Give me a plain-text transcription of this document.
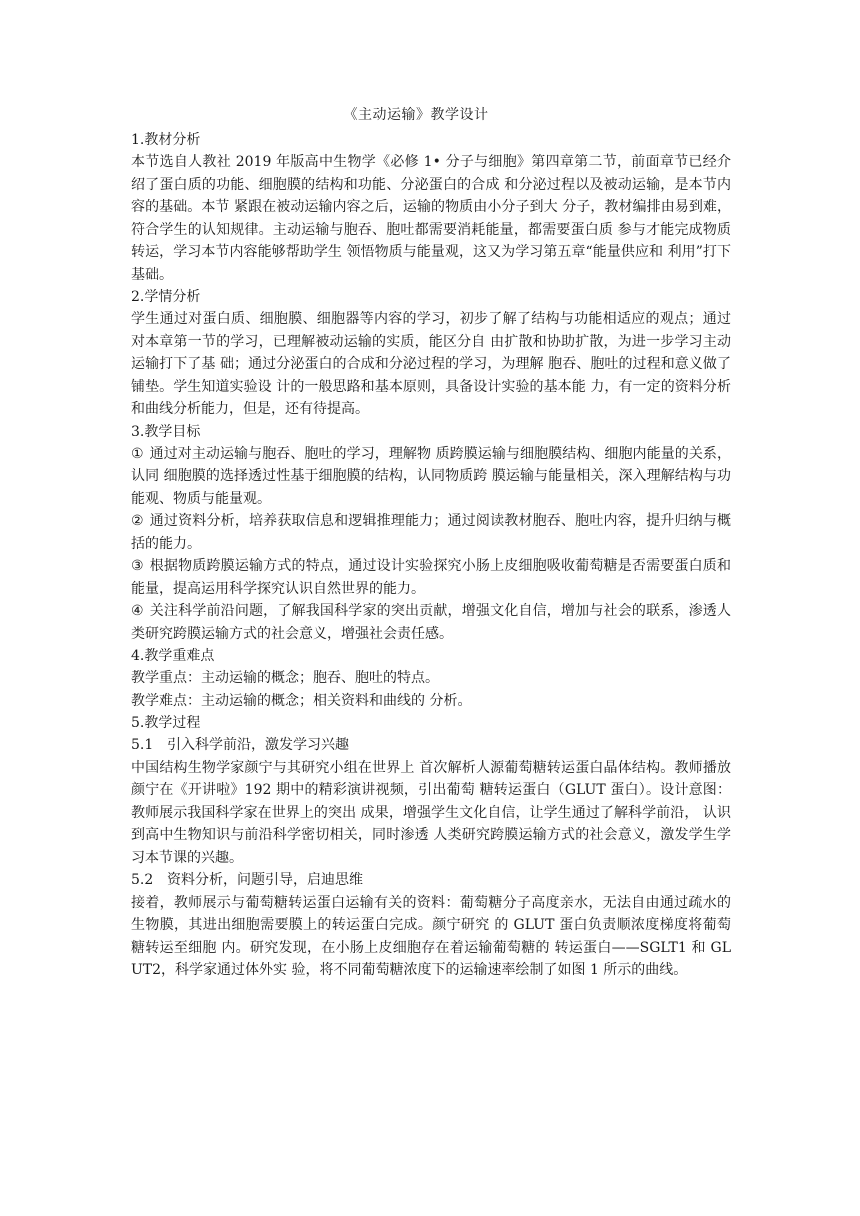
《主动运输》教学设计

1.教材分析

本节选自人教社 2019 年版高中生物学《必修 1• 分子与细胞》第四章第二节，前面章节已经介绍了蛋白质的功能、细胞膜的结构和功能、分泌蛋白的合成 和分泌过程以及被动运输，是本节内容的基础。本节 紧跟在被动运输内容之后，运输的物质由小分子到大 分子，教材编排由易到难，符合学生的认知规律。主动运输与胞吞、胞吐都需要消耗能量，都需要蛋白质 参与才能完成物质转运，学习本节内容能够帮助学生 领悟物质与能量观，这又为学习第五章“能量供应和 利用”打下基础。

2.学情分析

学生通过对蛋白质、细胞膜、细胞器等内容的学习，初步了解了结构与功能相适应的观点；通过对本章第一节的学习，已理解被动运输的实质，能区分自 由扩散和协助扩散，为进一步学习主动运输打下了基 础；通过分泌蛋白的合成和分泌过程的学习，为理解 胞吞、胞吐的过程和意义做了铺垫。学生知道实验设 计的一般思路和基本原则，具备设计实验的基本能 力，有一定的资料分析和曲线分析能力，但是，还有待提高。

3.教学目标

① 通过对主动运输与胞吞、胞吐的学习，理解物 质跨膜运输与细胞膜结构、细胞内能量的关系，认同 细胞膜的选择透过性基于细胞膜的结构，认同物质跨 膜运输与能量相关，深入理解结构与功能观、物质与能量观。

② 通过资料分析，培养获取信息和逻辑推理能力；通过阅读教材胞吞、胞吐内容，提升归纳与概括的能力。

③ 根据物质跨膜运输方式的特点，通过设计实验探究小肠上皮细胞吸收葡萄糖是否需要蛋白质和能量，提高运用科学探究认识自然世界的能力。

④ 关注科学前沿问题，了解我国科学家的突出贡献，增强文化自信，增加与社会的联系，渗透人类研究跨膜运输方式的社会意义，增强社会责任感。

4.教学重难点

教学重点：主动运输的概念；胞吞、胞吐的特点。

教学难点：主动运输的概念；相关资料和曲线的 分析。

5.教学过程

5.1 引入科学前沿，激发学习兴趣

中国结构生物学家颜宁与其研究小组在世界上 首次解析人源葡萄糖转运蛋白晶体结构。教师播放 颜宁在《开讲啦》192 期中的精彩演讲视频，引出葡萄 糖转运蛋白（GLUT 蛋白）。设计意图：教师展示我国科学家在世界上的突出 成果，增强学生文化自信，让学生通过了解科学前沿， 认识到高中生物知识与前沿科学密切相关，同时渗透 人类研究跨膜运输方式的社会意义，激发学生学习本节课的兴趣。

5.2 资料分析，问题引导，启迪思维

接着，教师展示与葡萄糖转运蛋白运输有关的资料：葡萄糖分子高度亲水，无法自由通过疏水的生物膜，其进出细胞需要膜上的转运蛋白完成。颜宁研究 的 GLUT 蛋白负责顺浓度梯度将葡萄糖转运至细胞 内。研究发现，在小肠上皮细胞存在着运输葡萄糖的 转运蛋白——SGLT1 和 GLUT2，科学家通过体外实 验，将不同葡萄糖浓度下的运输速率绘制了如图 1 所示的曲线。
